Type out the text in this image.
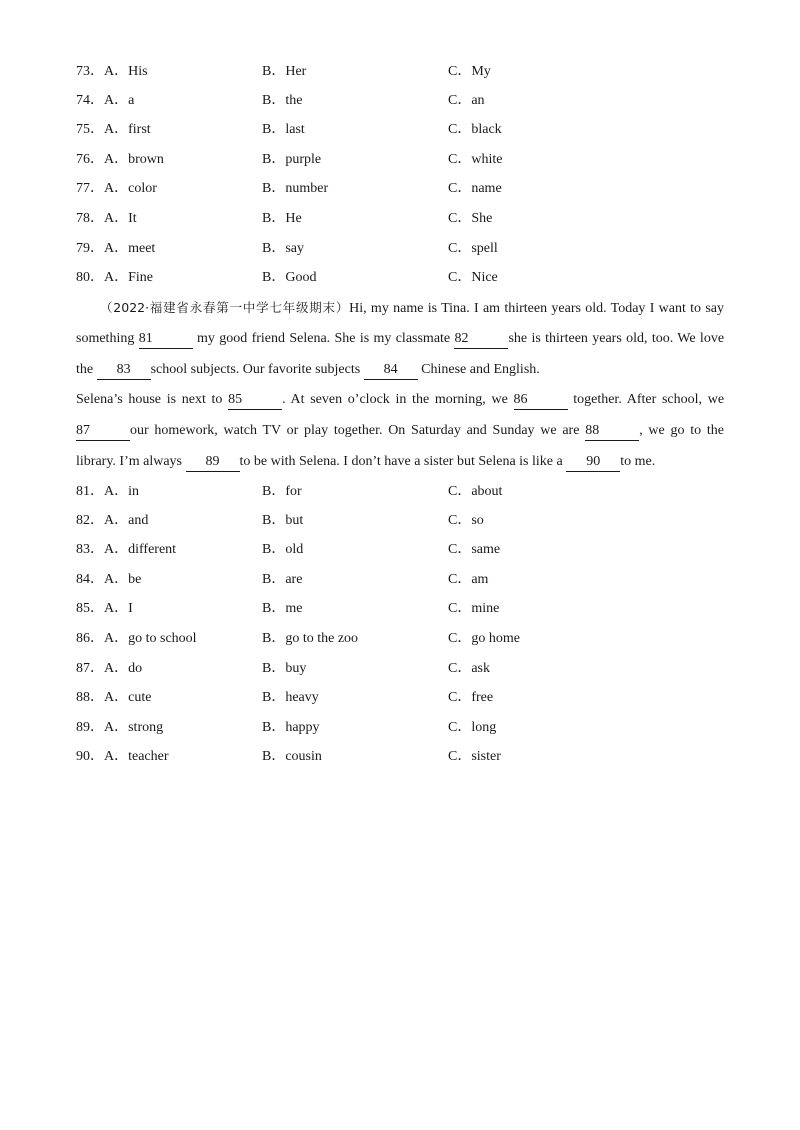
73．A．His	B．Her	C．My
74．A．a	B．the	C．an
75．A．first	B．last	C．black
76．A．brown	B．purple	C．white
77．A．color	B．number	C．name
78．A．It	B．He	C．She
79．A．meet	B．say	C．spell
80．A．Fine	B．Good	C．Nice
（2022·福建省永春第一中学七年级期末）Hi, my name is Tina. I am thirteen years old. Today I want to say
something 81	my good friend Selena. She is my classmate 82	she is thirteen years old, too. We love
the 83 school subjects. Our favorite subjects 84 Chinese and English.
Selena’s house is next to 85	. At seven o’clock in the morning, we 86	together. After school, we
87	our homework, watch TV or play together. On Saturday and Sunday we are 88	, we go to the
library. I’m always 89 to be with Selena. I don’t have a sister but Selena is like a 90 to me.
81．A．in	B．for	C．about
82．A．and	B．but	C．so
83．A．different	B．old	C．same
84．A．be	B．are	C．am
85．A．I	B．me	C．mine
86．A．go to school	B．go to the zoo	C．go home
87．A．do	B．buy	C．ask
88．A．cute	B．heavy	C．free
89．A．strong	B．happy	C．long
90．A．teacher	B．cousin	C．sister
